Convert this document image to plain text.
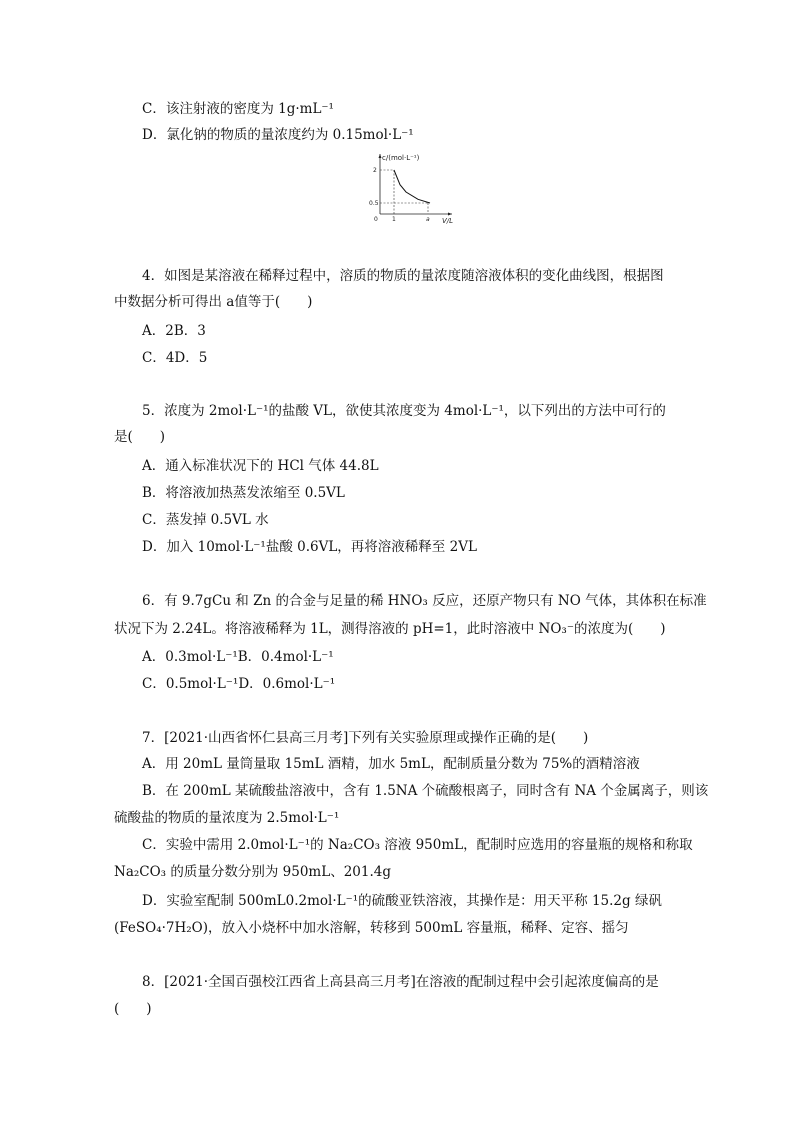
C．该注射液的密度为 1g·mL⁻¹
D．氯化钠的物质的量浓度约为 0.15mol·L⁻¹
c/(mol·L⁻¹)
V/L
0
2
0.5
1	a
4．如图是某溶液在稀释过程中，溶质的物质的量浓度随溶液体积的变化曲线图，根据图
中数据分析可得出 a值等于(　　)
A．2B．3
C．4D．5
5．浓度为 2mol·L⁻¹的盐酸 VL，欲使其浓度变为 4mol·L⁻¹，以下列出的方法中可行的
是(　　)
A．通入标准状况下的 HCl 气体 44.8L
B．将溶液加热蒸发浓缩至 0.5VL
C．蒸发掉 0.5VL 水
D．加入 10mol·L⁻¹盐酸 0.6VL，再将溶液稀释至 2VL
6．有 9.7gCu 和 Zn 的合金与足量的稀 HNO₃ 反应，还原产物只有 NO 气体，其体积在标准
状况下为 2.24L。将溶液稀释为 1L，测得溶液的 pH=1，此时溶液中 NO₃⁻的浓度为(　　)
A．0.3mol·L⁻¹B．0.4mol·L⁻¹
C．0.5mol·L⁻¹D．0.6mol·L⁻¹
7．[2021·山西省怀仁县高三月考]下列有关实验原理或操作正确的是(　　)
A．用 20mL 量筒量取 15mL 酒精，加水 5mL，配制质量分数为 75%的酒精溶液
B．在 200mL 某硫酸盐溶液中，含有 1.5NA 个硫酸根离子，同时含有 NA 个金属离子，则该
硫酸盐的物质的量浓度为 2.5mol·L⁻¹
C．实验中需用 2.0mol·L⁻¹的 Na₂CO₃ 溶液 950mL，配制时应选用的容量瓶的规格和称取
Na₂CO₃ 的质量分数分别为 950mL、201.4g
D．实验室配制 500mL0.2mol·L⁻¹的硫酸亚铁溶液，其操作是：用天平称 15.2g 绿矾
(FeSO₄·7H₂O)，放入小烧杯中加水溶解，转移到 500mL 容量瓶，稀释、定容、摇匀
8．[2021·全国百强校江西省上高县高三月考]在溶液的配制过程中会引起浓度偏高的是
(　　)
